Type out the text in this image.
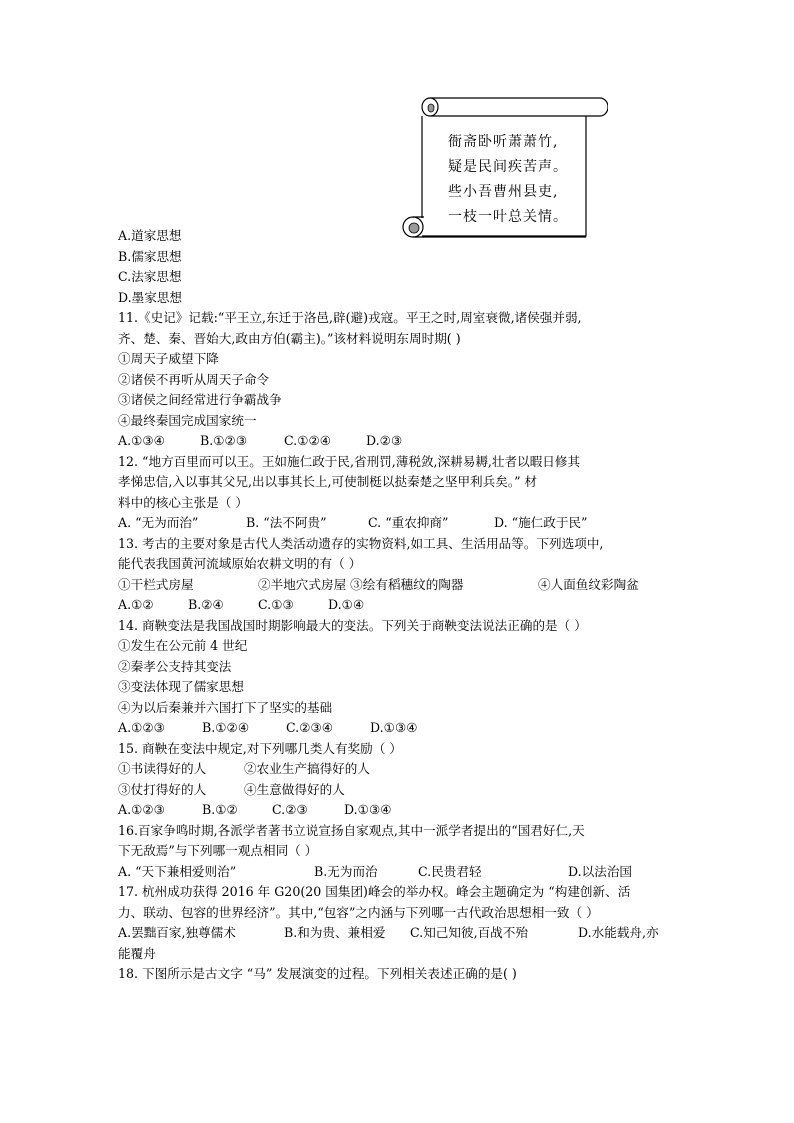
衙斋卧听萧萧竹,
疑是民间疾苦声。
些小吾曹州县吏,
一枝一叶总关情。
A.道家思想
B.儒家思想
C.法家思想
D.墨家思想
11.《史记》记载:“平王立,东迁于洛邑,辟(避)戎寇。平王之时,周室衰微,诸侯强并弱,
齐、楚、秦、晋始大,政由方伯(霸主)。”该材料说明东周时期( )
①周天子威望下降
②诸侯不再听从周天子命令
③诸侯之间经常进行争霸战争
④最终秦国完成国家统一
A.①③④	B.①②③	C.①②④	D.②③
12. “地方百里而可以王。王如施仁政于民,省刑罚,薄税敛,深耕易耨,壮者以暇日修其
孝悌忠信,入以事其父兄,出以事其长上,可使制梃以挞秦楚之坚甲利兵矣。” 材
料中的核心主张是（ ）
A. “无为而治”	B. “法不阿贵”	C. “重农抑商”	D. “施仁政于民”
13. 考古的主要对象是古代人类活动遗存的实物资料,如工具、生活用品等。下列选项中,
能代表我国黄河流域原始农耕文明的有（ ）
①干栏式房屋	②半地穴式房屋 ③绘有稻穗纹的陶器	④人面鱼纹彩陶盆
A.①②	B.②④	C.①③	D.①④
14. 商鞅变法是我国战国时期影响最大的变法。下列关于商鞅变法说法正确的是（ ）
①发生在公元前 4 世纪
②秦孝公支持其变法
③变法体现了儒家思想
④为以后秦兼并六国打下了坚实的基础
A.①②③	B.①②④	C.②③④	D.①③④
15. 商鞅在变法中规定,对下列哪几类人有奖励（ ）
①书读得好的人	②农业生产搞得好的人
③仗打得好的人	④生意做得好的人
A.①②③	B.①②	C.②③	D.①③④
16.百家争鸣时期,各派学者著书立说宣扬自家观点,其中一派学者提出的“国君好仁,天
下无敌焉”与下列哪一观点相同（ ）
A. “天下兼相爱则治”	B.无为而治	C.民贵君轻	D.以法治国
17. 杭州成功获得 2016 年 G20(20 国集团)峰会的举办权。峰会主题确定为 “构建创新、活
力、联动、包容的世界经济”。其中,“包容”之内涵与下列哪一古代政治思想相一致（ ）
A.罢黜百家,独尊儒术	B.和为贵、兼相爱 C.知己知彼,百战不殆	D.水能载舟,亦
能覆舟
18. 下图所示是古文字 “马” 发展演变的过程。下列相关表述正确的是( )
